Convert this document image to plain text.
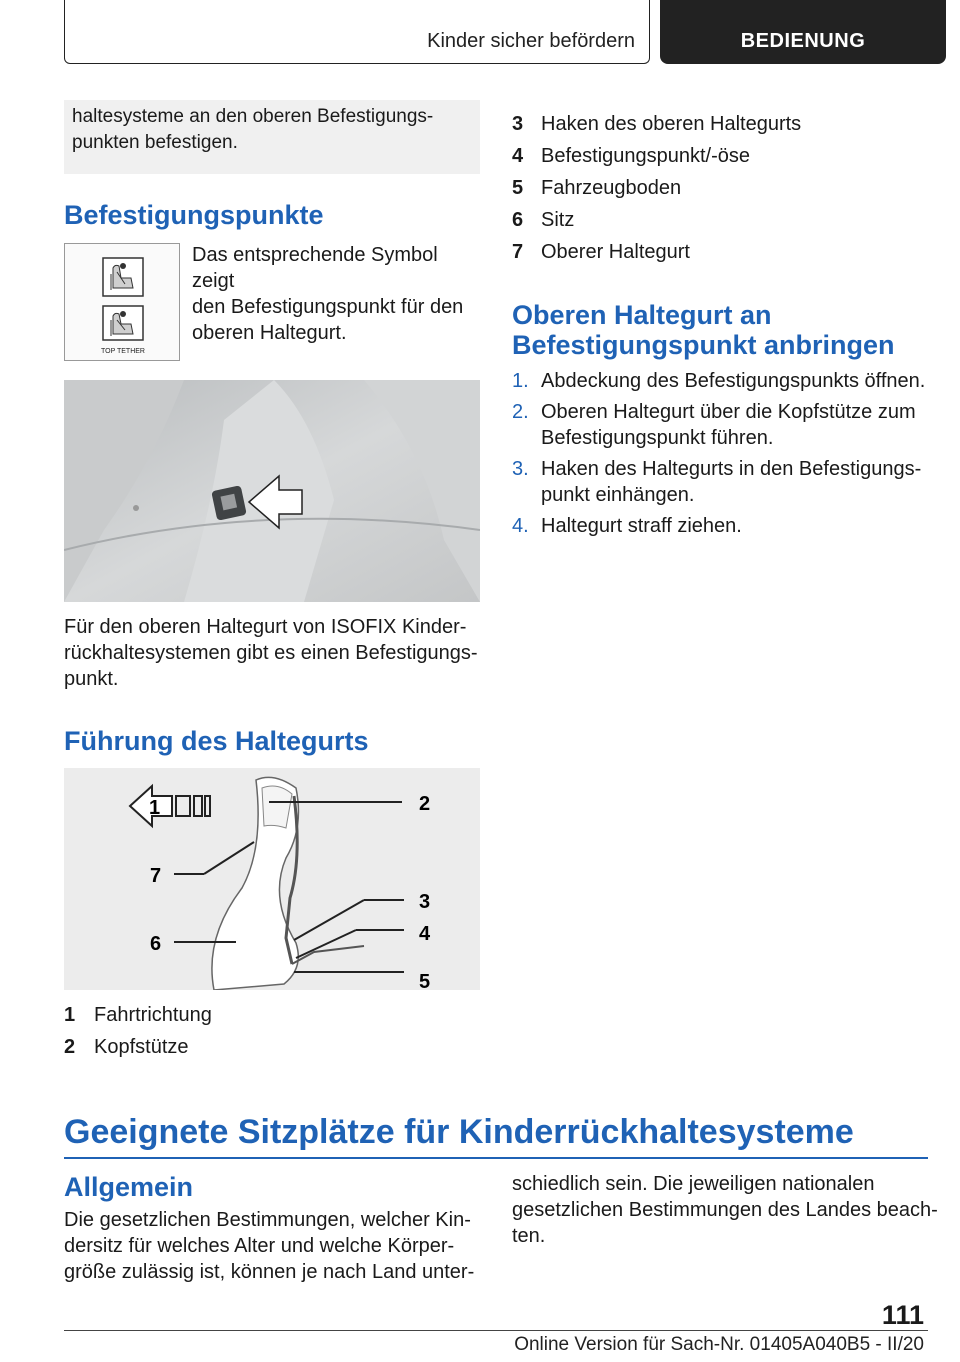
Kinder sicher befördern	BEDIENUNG
haltesysteme an den oberen Befestigungs-
punkten befestigen.
Befestigungspunkte
TOP TETHER
Das entsprechende Symbol zeigt
den Befestigungspunkt für den
oberen Haltegurt.
Für den oberen Haltegurt von ISOFIX Kinder-
rückhaltesystemen gibt es einen Befestigungs-
punkt.
Führung des Haltegurts
1	2
3
4
5
6
7
1 Fahrtrichtung
2 Kopfstütze
3 Haken des oberen Haltegurts
4 Befestigungspunkt/-öse
5 Fahrzeugboden
6 Sitz
7 Oberer Haltegurt
Oberen Haltegurt an
Befestigungspunkt anbringen
1. Abdeckung des Befestigungspunkts öffnen.
2. Oberen Haltegurt über die Kopfstütze zum
Befestigungspunkt führen.
3. Haken des Haltegurts in den Befestigungs-
punkt einhängen.
4. Haltegurt straff ziehen.
Geeignete Sitzplätze für Kinderrückhaltesysteme
Allgemein
Die gesetzlichen Bestimmungen, welcher Kin-
dersitz für welches Alter und welche Körper-
größe zulässig ist, können je nach Land unter-
schiedlich sein. Die jeweiligen nationalen
gesetzlichen Bestimmungen des Landes beach-
ten.
111
Online Version für Sach-Nr. 01405A040B5 - II/20
